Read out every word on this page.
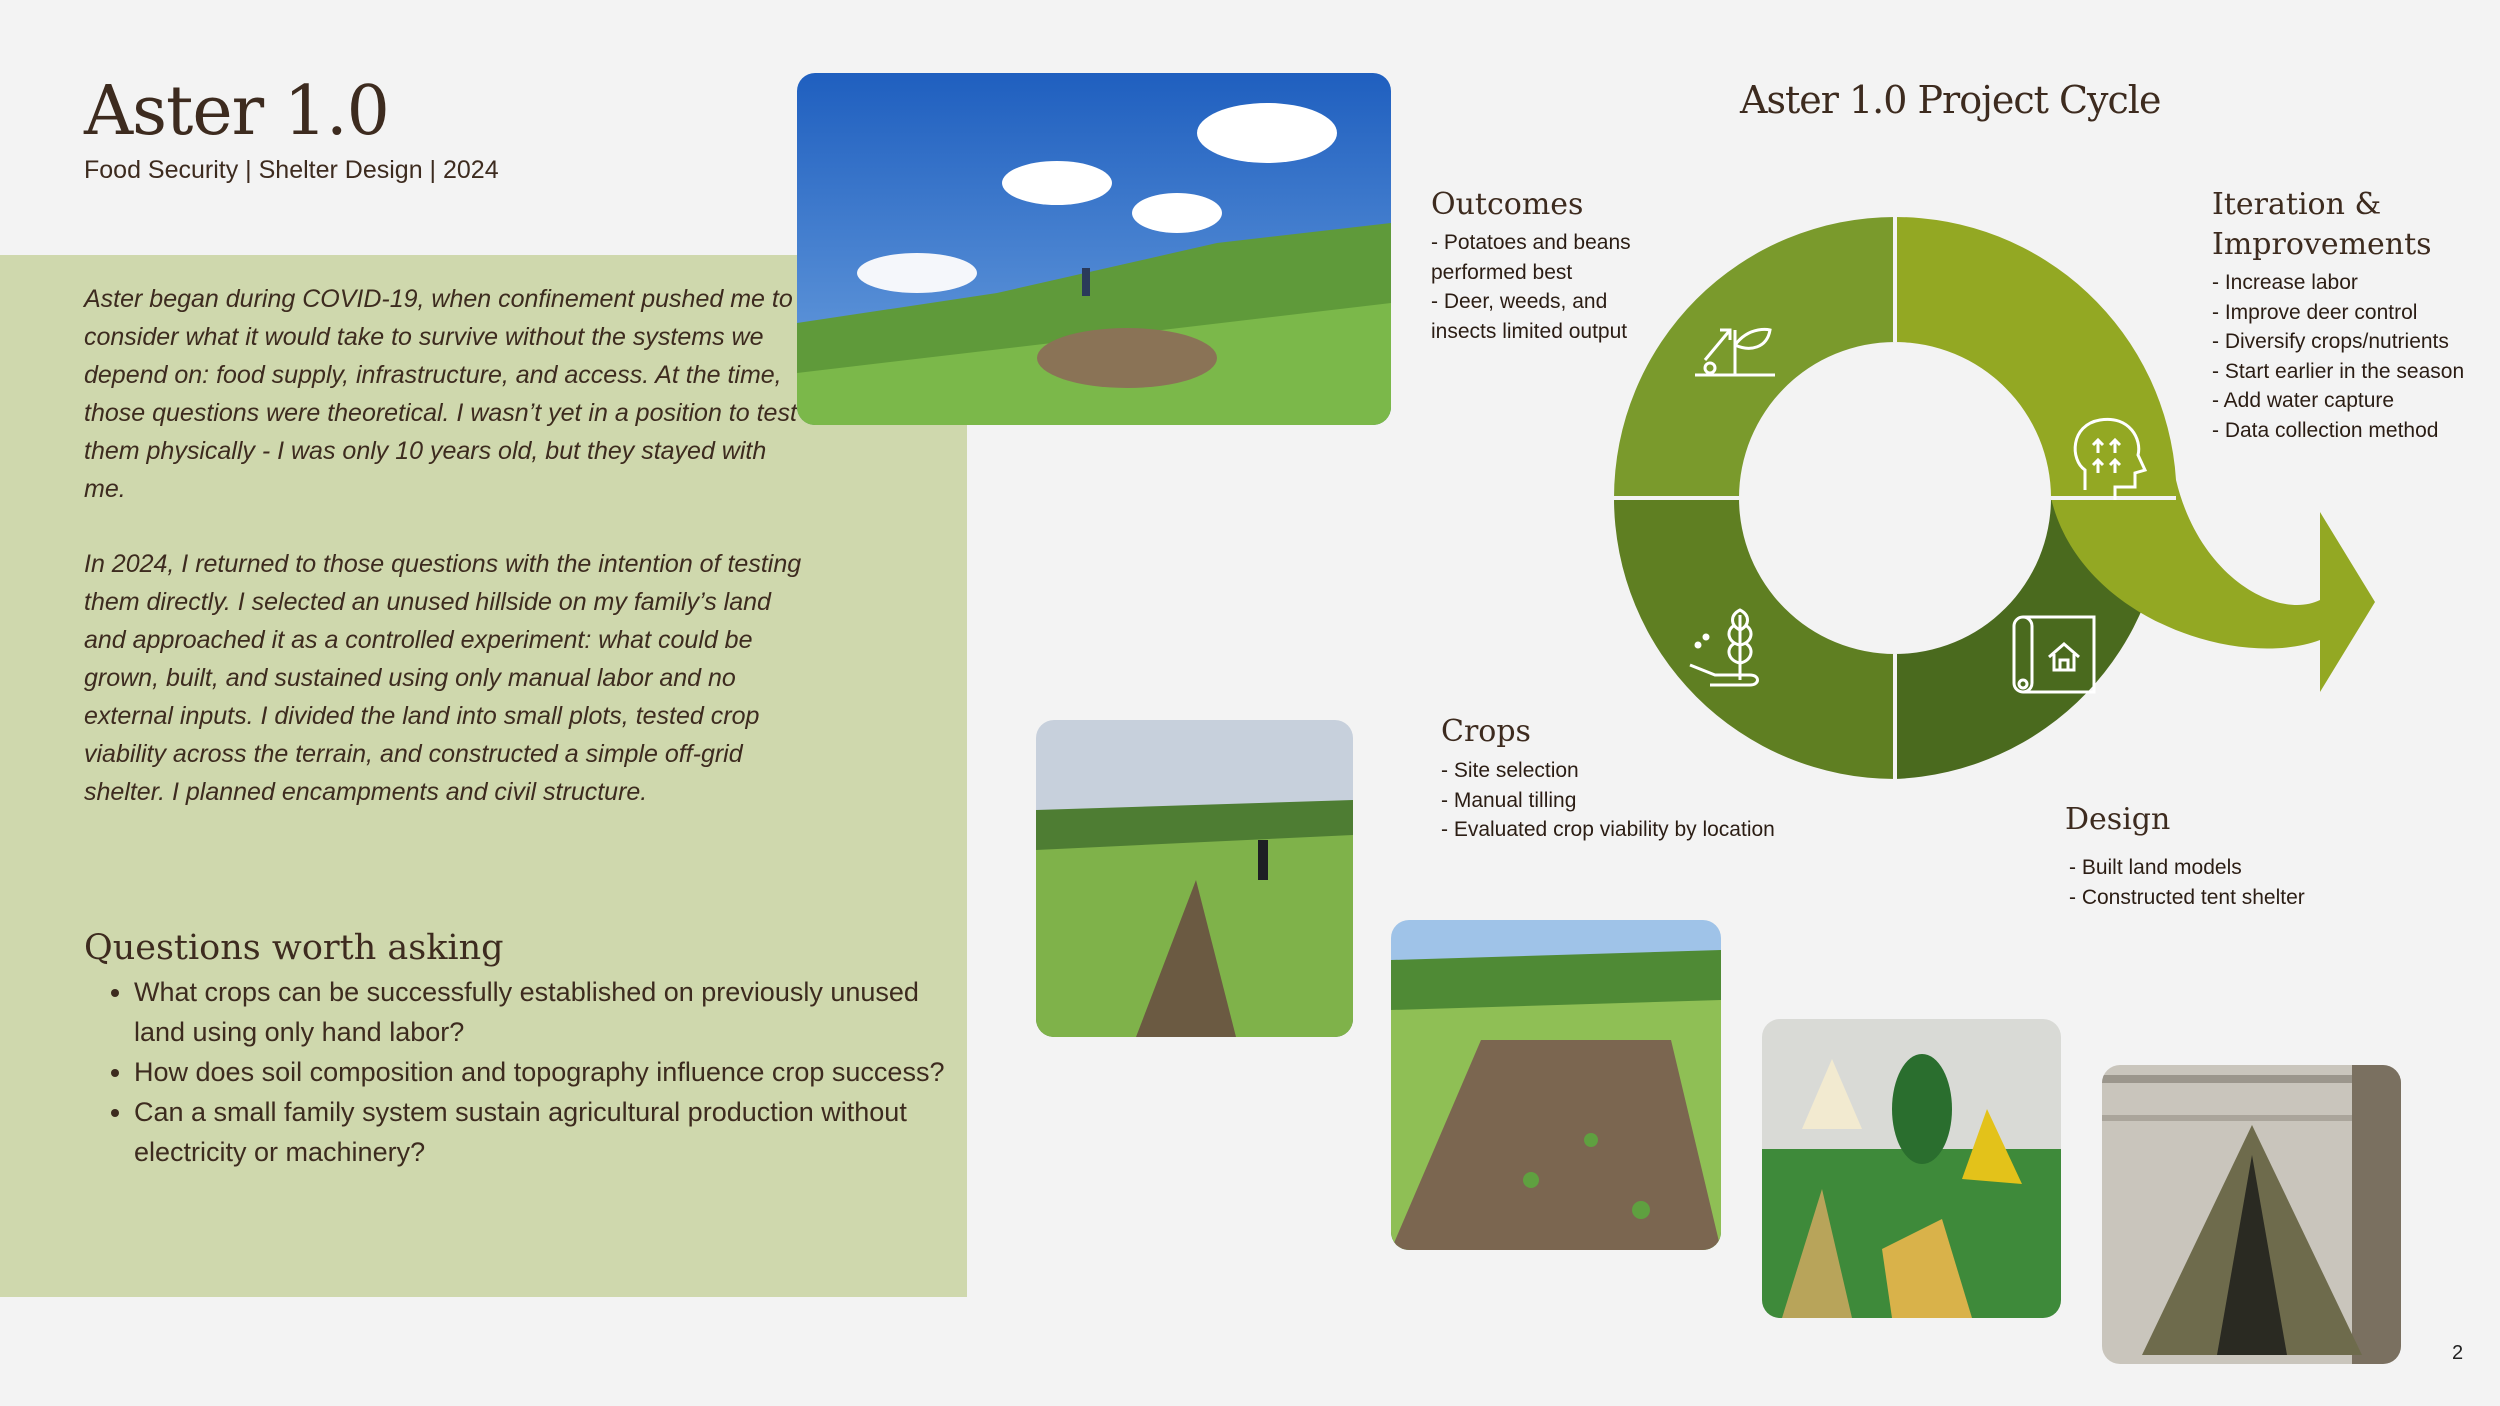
Aster 1.0
Food Security | Shelter Design | 2024

Aster began during COVID-19, when confinement pushed me to consider what it would take to survive without the systems we depend on: food supply, infrastructure, and access. At the time, those questions were theoretical. I wasn’t yet in a position to test them physically - I was only 10 years old, but they stayed with me.

In 2024, I returned to those questions with the intention of testing them directly. I selected an unused hillside on my family’s land and approached it as a controlled experiment: what could be grown, built, and sustained using only manual labor and no external inputs. I divided the land into small plots, tested crop viability across the terrain, and constructed a simple off-grid shelter. I planned encampments and civil structure.

Questions worth asking
• What crops can be successfully established on previously unused land using only hand labor?
• How does soil composition and topography influence crop success?
• Can a small family system sustain agricultural production without electricity or machinery?
Aster 1.0 Project Cycle
Outcomes
- Potatoes and beans
performed best
- Deer, weeds, and
insects limited output
Iteration &
Improvements
- Increase labor
- Improve deer control
- Diversify crops/nutrients
- Start earlier in the season
- Add water capture
- Data collection method
Crops
- Site selection
- Manual tilling
- Evaluated crop viability by location	Design
- Built land models
- Constructed tent shelter
2
